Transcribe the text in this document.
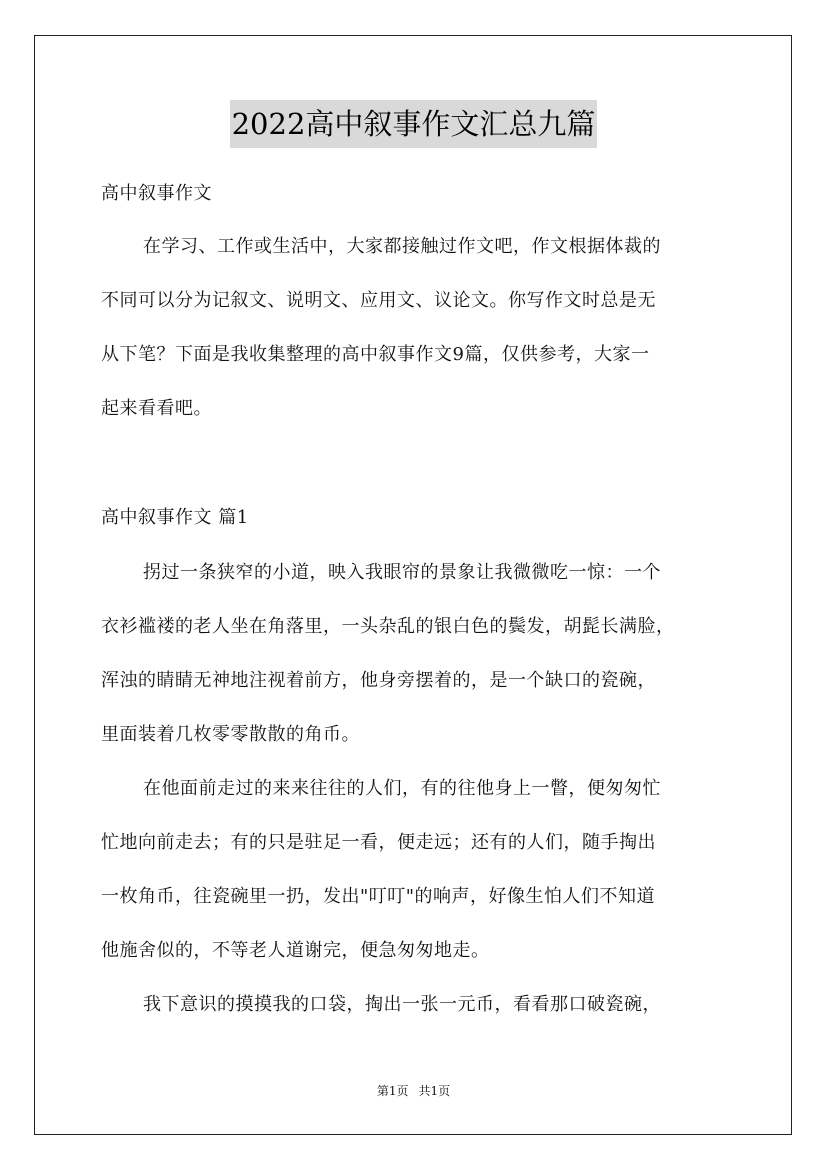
2022高中叙事作文汇总九篇
高中叙事作文
在学习、工作或生活中，大家都接触过作文吧，作文根据体裁的
不同可以分为记叙文、说明文、应用文、议论文。你写作文时总是无
从下笔？下面是我收集整理的高中叙事作文9篇，仅供参考，大家一
起来看看吧。
高中叙事作文 篇1
拐过一条狭窄的小道，映入我眼帘的景象让我微微吃一惊：一个
衣衫褴褛的老人坐在角落里，一头杂乱的银白色的鬓发，胡髭长满脸，
浑浊的睛睛无神地注视着前方，他身旁摆着的，是一个缺口的瓷碗，
里面装着几枚零零散散的角币。
在他面前走过的来来往往的人们，有的往他身上一瞥，便匆匆忙
忙地向前走去；有的只是驻足一看，便走远；还有的人们，随手掏出
一枚角币，往瓷碗里一扔，发出"叮叮"的响声，好像生怕人们不知道
他施舍似的，不等老人道谢完，便急匆匆地走。
我下意识的摸摸我的口袋，掏出一张一元币，看看那口破瓷碗，
第1页 共1页
